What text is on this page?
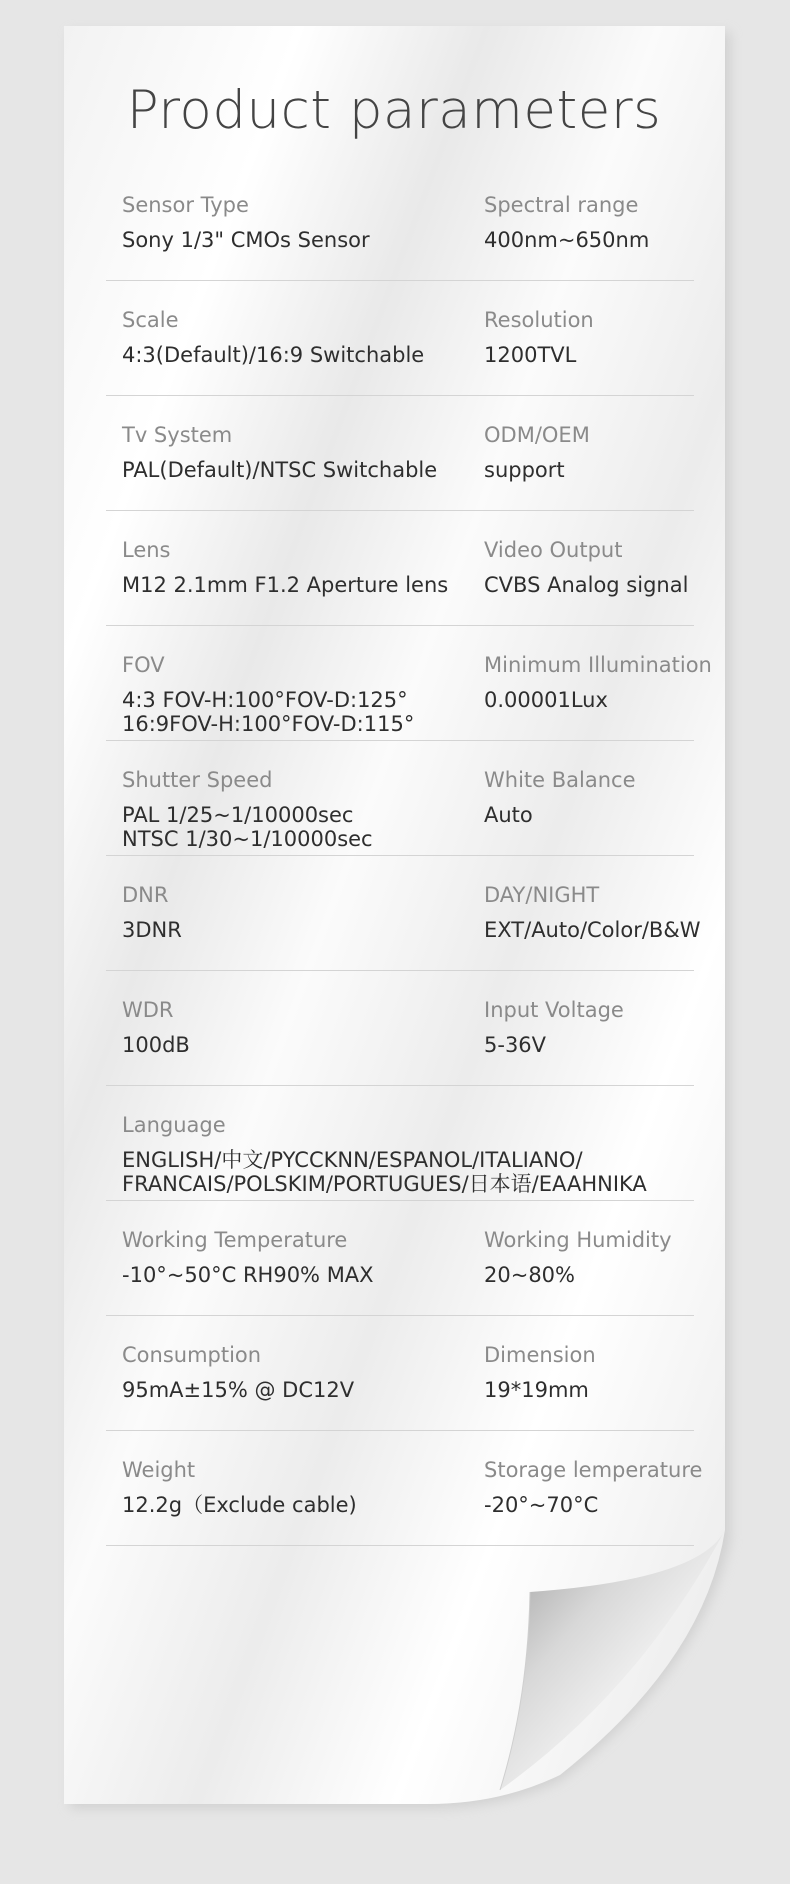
Product parameters
Sensor Type
Sony 1/3" CMOs Sensor
Spectral range
400nm~650nm
Scale
4:3(Default)/16:9 Switchable
Resolution
1200TVL
Tv System
PAL(Default)/NTSC Switchable
ODM/OEM
support
Lens
M12 2.1mm F1.2 Aperture lens
Video Output
CVBS Analog signal
FOV
4:3 FOV-H:100°FOV-D:125°
16:9FOV-H:100°FOV-D:115°
Minimum Illumination
0.00001Lux
Shutter Speed
PAL 1/25~1/10000sec
NTSC 1/30~1/10000sec
White Balance
Auto
DNR
3DNR
DAY/NIGHT
EXT/Auto/Color/B&W
WDR
100dB
Input Voltage
5-36V
Language
ENGLISH/中文/PYCCKNN/ESPANOL/ITALIANO/
FRANCAIS/POLSKIM/PORTUGUES/日本语/EAAHNIKA
Working Temperature
-10°~50°C RH90% MAX
Working Humidity
20~80%
Consumption
95mA±15% @ DC12V
Dimension
19*19mm
Weight
12.2g（Exclude cable)
Storage lemperature
-20°~70°C
